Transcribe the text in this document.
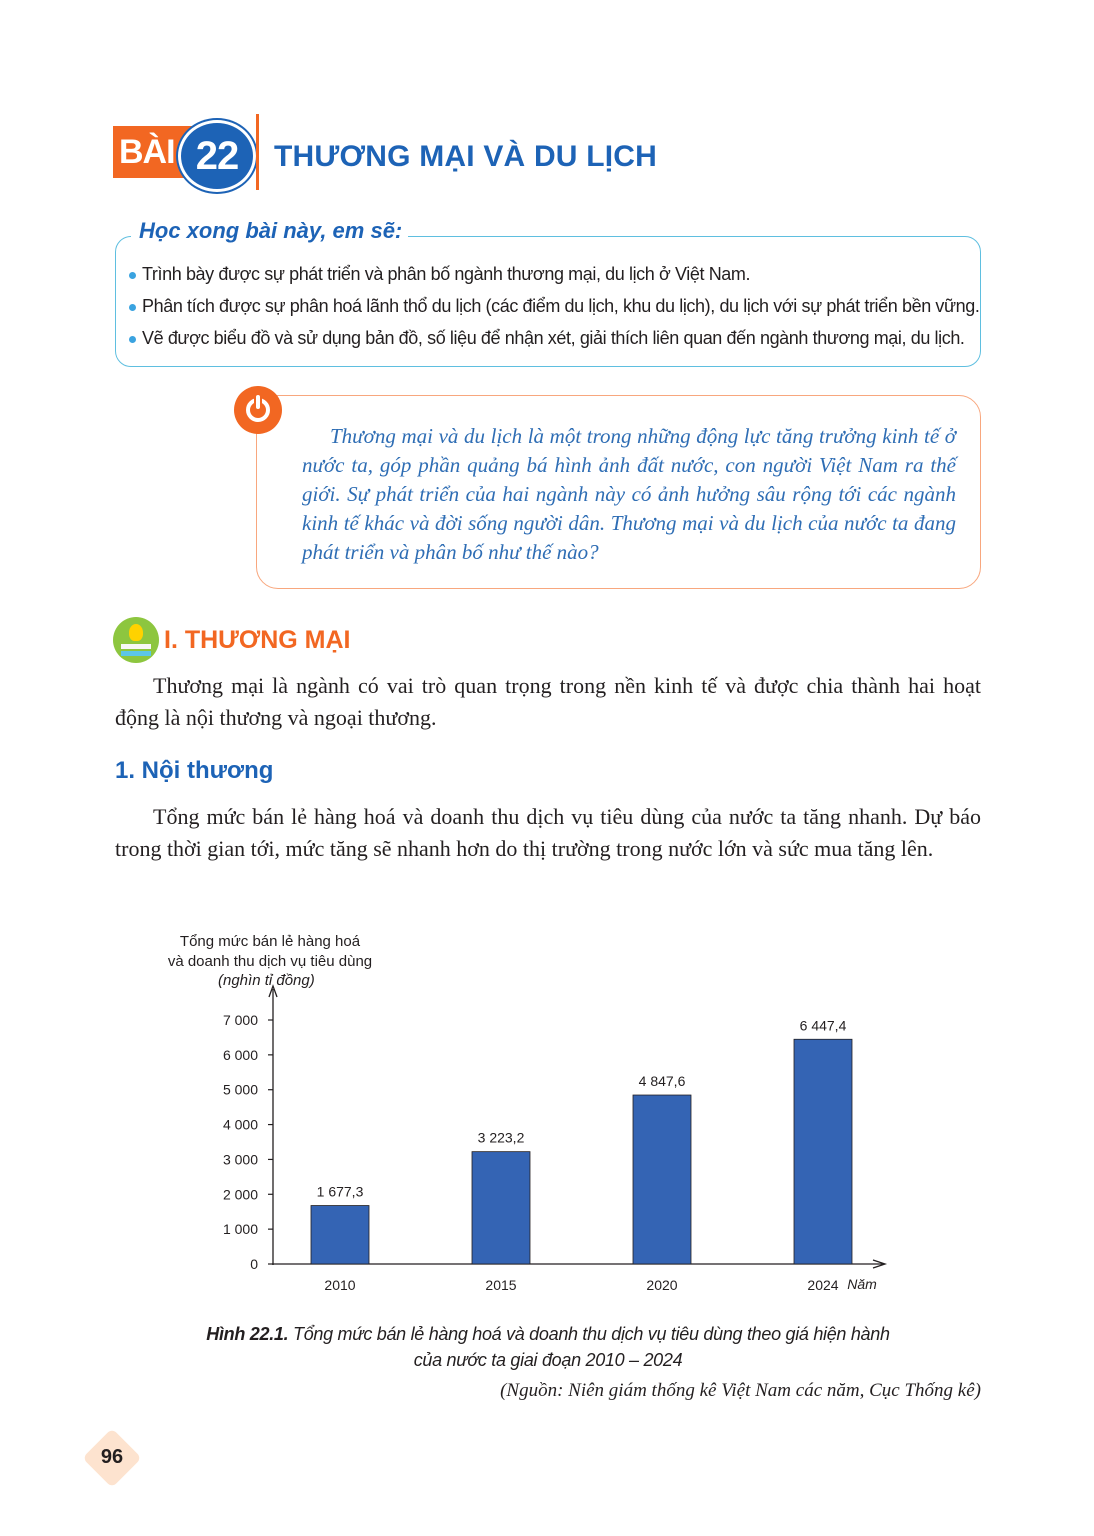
BÀI 22	THƯƠNG MẠI VÀ DU LỊCH
Học xong bài này, em sẽ:
Trình bày được sự phát triển và phân bố ngành thương mại, du lịch ở Việt Nam.
Phân tích được sự phân hoá lãnh thổ du lịch (các điểm du lịch, khu du lịch), du lịch với sự phát triển bền vững.
Vẽ được biểu đồ và sử dụng bản đồ, số liệu để nhận xét, giải thích liên quan đến ngành thương mại, du lịch.
Thương mại và du lịch là một trong những động lực tăng trưởng kinh tế ở nước ta, góp phần quảng bá hình ảnh đất nước, con người Việt Nam ra thế giới. Sự phát triển của hai ngành này có ảnh hưởng sâu rộng tới các ngành kinh tế khác và đời sống người dân. Thương mại và du lịch của nước ta đang phát triển và phân bố như thế nào?
I. THƯƠNG MẠI
Thương mại là ngành có vai trò quan trọng trong nền kinh tế và được chia thành hai hoạt động là nội thương và ngoại thương.
1. Nội thương
Tổng mức bán lẻ hàng hoá và doanh thu dịch vụ tiêu dùng của nước ta tăng nhanh. Dự báo trong thời gian tới, mức tăng sẽ nhanh hơn do thị trường trong nước lớn và sức mua tăng lên.
Tổng mức bán lẻ hàng hoá
và doanh thu dịch vụ tiêu dùng
(nghìn tỉ đồng)
0
1 000
2 000
3 000
4 000
5 000
6 000
7 000
1 677,3
2010
3 223,2
2015
4 847,6
2020
6 447,4
2024 Năm
Hình 22.1. Tổng mức bán lẻ hàng hoá và doanh thu dịch vụ tiêu dùng theo giá hiện hành
của nước ta giai đoạn 2010 – 2024
(Nguồn: Niên giám thống kê Việt Nam các năm, Cục Thống kê)
96
